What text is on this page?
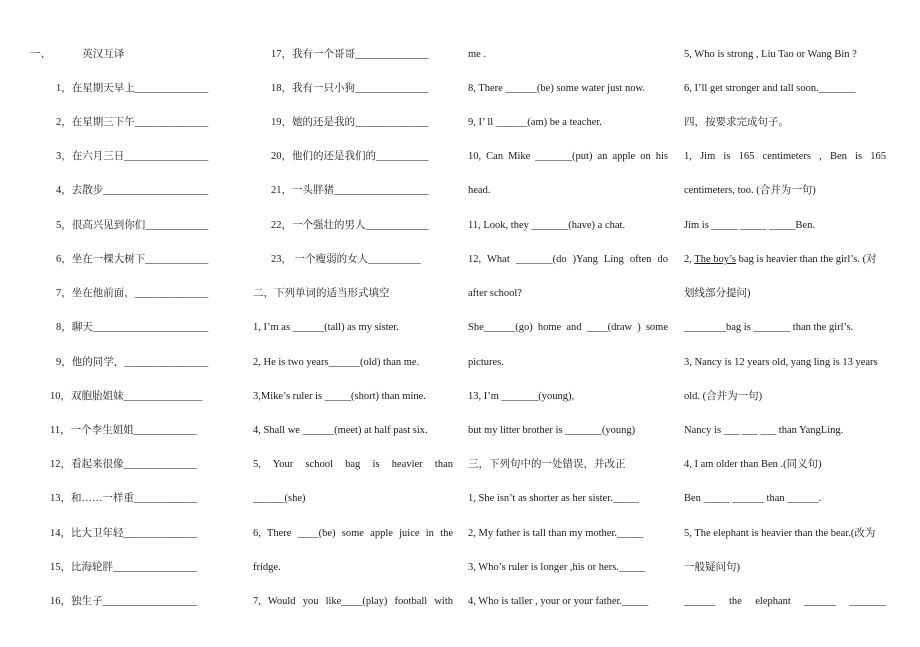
一、	英汉互译
1，在星期天早上______________
2，在星期三下午______________
3，在六月三日________________
4，去散步____________________
5，很高兴见到你们____________
6，坐在一棵大树下____________
7，坐在他前面，______________
8，聊天______________________
9，他的同学，________________
10，双胞胎姐妹_______________
11，一个李生姐姐____________
12，看起来很像______________
13，和……一样重____________
14，比大卫年轻______________
15，比海轮胖________________
16，独生子__________________
17，我有一个哥哥______________
18，我有一只小狗______________
19，她的还是我的______________
20，他们的还是我们的__________
21，一头胖猪__________________
22，一个强壮的男人____________
23， 一个瘦弱的女人__________
二，下列单词的适当形式填空
1, I’m as ______(tall) as my sister.
2, He is two years______(old) than me.
3,Mike’s ruler is _____(short) than mine.
4, Shall we ______(meet) at half past six.
5, Your school bag is heavier than
______(she)
6, There ____(be) some apple juice in the
fridge.
7, Would you like____(play) football with
me .
8, There ______(be) some water just now.
9, I’ ll ______(am) be a teacher.
10, Can Mike _______(put) an apple on his
head.
11, Look, they _______(have) a chat.
12, What _______(do )Yang Ling often do
after school?
She______(go) home and ____(draw ) some
pictures.
13, I’m _______(young),
but my litter brother is _______(young)
三，下列句中的一处错误，并改正
1, She isn’t as shorter as her sister._____
2, My father is tall than my mother._____
3, Who’s ruler is longer ,his or hers._____
4, Who is taller , your or your father._____
5, Who is strong , Liu Tao or Wang Bin ?
6, I’ll get stronger and tall soon._______
四，按要求完成句子。
1, Jim is 165 centimeters , Ben is 165
centimeters, too. (合并为一句)
Jim is _____ _____ _____Ben.
2, The boy’s bag is heavier than the girl’s. (对
划线部分提问)
________bag is _______ than the girl’s.
3, Nancy is 12 years old, yang ling is 13 years
old. (合并为一句)
Nancy is ___ ___ ___ than YangLing.
4, I am older than Ben .(同义句)
Ben _____ ______ than ______.
5, The elephant is heavier than the bear.(改为
一般疑问句)
______ the elephant ______ _______
